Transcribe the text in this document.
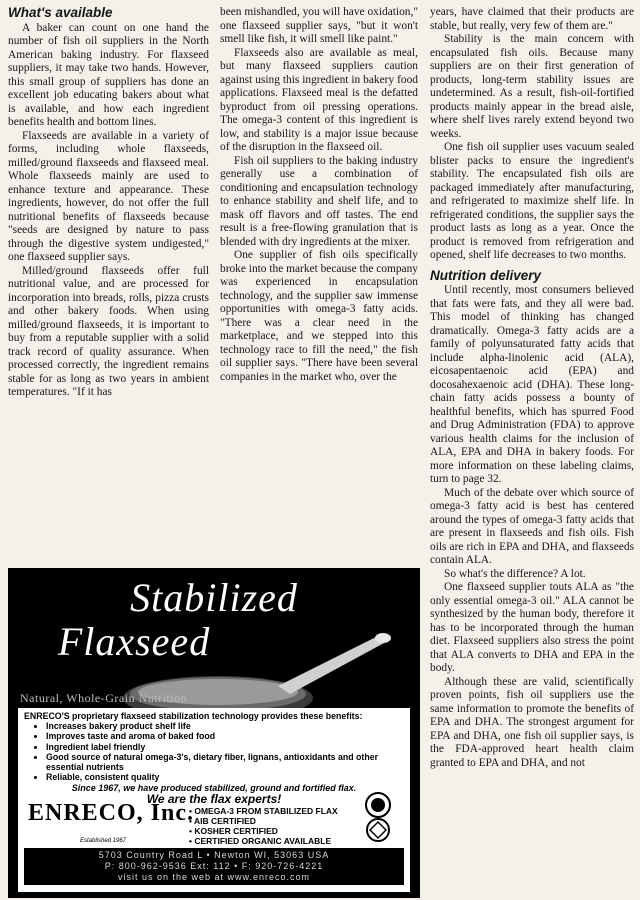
What's available

A baker can count on one hand the number of fish oil suppliers in the North American baking industry. For flaxseed suppliers, it may take two hands. However, this small group of suppliers has done an excellent job educating bakers about what is available, and how each ingredient benefits health and bottom lines.

Flaxseeds are available in a variety of forms, including whole flaxseeds, milled/ground flaxseeds and flaxseed meal. Whole flaxseeds mainly are used to enhance texture and appearance. These ingredients, however, do not offer the full nutritional benefits of flaxseeds because "seeds are designed by nature to pass through the digestive system undigested," one flaxseed supplier says.

Milled/ground flaxseeds offer full nutritional value, and are processed for incorporation into breads, rolls, pizza crusts and other bakery foods. When using milled/ground flaxseeds, it is important to buy from a reputable supplier with a solid track record of quality assurance. When processed correctly, the ingredient remains stable for as long as two years in ambient temperatures. "If it has

been mishandled, you will have oxidation," one flaxseed supplier says, "but it won't smell like fish, it will smell like paint."

Flaxseeds also are available as meal, but many flaxseed suppliers caution against using this ingredient in bakery food applications. Flaxseed meal is the defatted byproduct from oil pressing operations. The omega-3 content of this ingredient is low, and stability is a major issue because of the disruption in the flaxseed oil.

Fish oil suppliers to the baking industry generally use a combination of conditioning and encapsulation technology to enhance stability and shelf life, and to mask off flavors and off tastes. The end result is a free-flowing granulation that is blended with dry ingredients at the mixer.

One supplier of fish oils specifically broke into the market because the company was experienced in encapsulation technology, and the supplier saw immense opportunities with omega-3 fatty acids. "There was a clear need in the marketplace, and we stepped into this technology race to fill the need," the fish oil supplier says. "There have been several companies in the market who, over the

years, have claimed that their products are stable, but really, very few of them are."

Stability is the main concern with encapsulated fish oils. Because many suppliers are on their first generation of products, long-term stability issues are undetermined. As a result, fish-oil-fortified products mainly appear in the bread aisle, where shelf lives rarely extend beyond two weeks.

One fish oil supplier uses vacuum sealed blister packs to ensure the ingredient's stability. The encapsulated fish oils are packaged immediately after manufacturing, and refrigerated to maximize shelf life. In refrigerated conditions, the supplier says the product lasts as long as a year. Once the product is removed from refrigeration and opened, shelf life decreases to two months.

Nutrition delivery

Until recently, most consumers believed that fats were fats, and they all were bad. This model of thinking has changed dramatically. Omega-3 fatty acids are a family of polyunsaturated fatty acids that include alpha-linolenic acid (ALA), eicosapentaenoic acid (EPA) and docosahexaenoic acid (DHA). These long-chain fatty acids possess a bounty of healthful benefits, which has spurred Food and Drug Administration (FDA) to approve various health claims for the inclusion of ALA, EPA and DHA in bakery foods. For more information on these labeling claims, turn to page 32.

Much of the debate over which source of omega-3 fatty acid is best has centered around the types of omega-3 fatty acids that are present in flaxseeds and fish oils. Fish oils are rich in EPA and DHA, and flaxseeds contain ALA.

So what's the difference? A lot.

One flaxseed supplier touts ALA as "the only essential omega-3 oil." ALA cannot be synthesized by the human body, therefore it has to be incorporated through the human diet. Flaxseed suppliers also stress the point that ALA converts to DHA and EPA in the body.

Although these are valid, scientifically proven points, fish oil suppliers use the same information to promote the benefits of EPA and DHA. The strongest argument for EPA and DHA, one fish oil supplier says, is the FDA-approved heart health claim granted to EPA and DHA, and not

Stabilized
Flaxseed
Natural, Whole-Grain Nutrition
ENRECO'S proprietary flaxseed stabilization technology provides these benefits:
• Increases bakery product shelf life
• Improves taste and aroma of baked food
• Ingredient label friendly
• Good source of natural omega-3's, dietary fiber, lignans, antioxidants and other essential nutrients
• Reliable, consistent quality
Since 1967, we have produced stabilized, ground and fortified flax.
We are the flax experts!
ENRECO, Inc.
Established 1967
• OMEGA-3 FROM STABILIZED FLAX
• AIB CERTIFIED
• KOSHER CERTIFIED
• CERTIFIED ORGANIC AVAILABLE
5703 Country Road L • Newton WI, 53063 USA
P: 800-962-9536 Ext: 112 • F: 920-726-4221
visit us on the web at www.enreco.com
